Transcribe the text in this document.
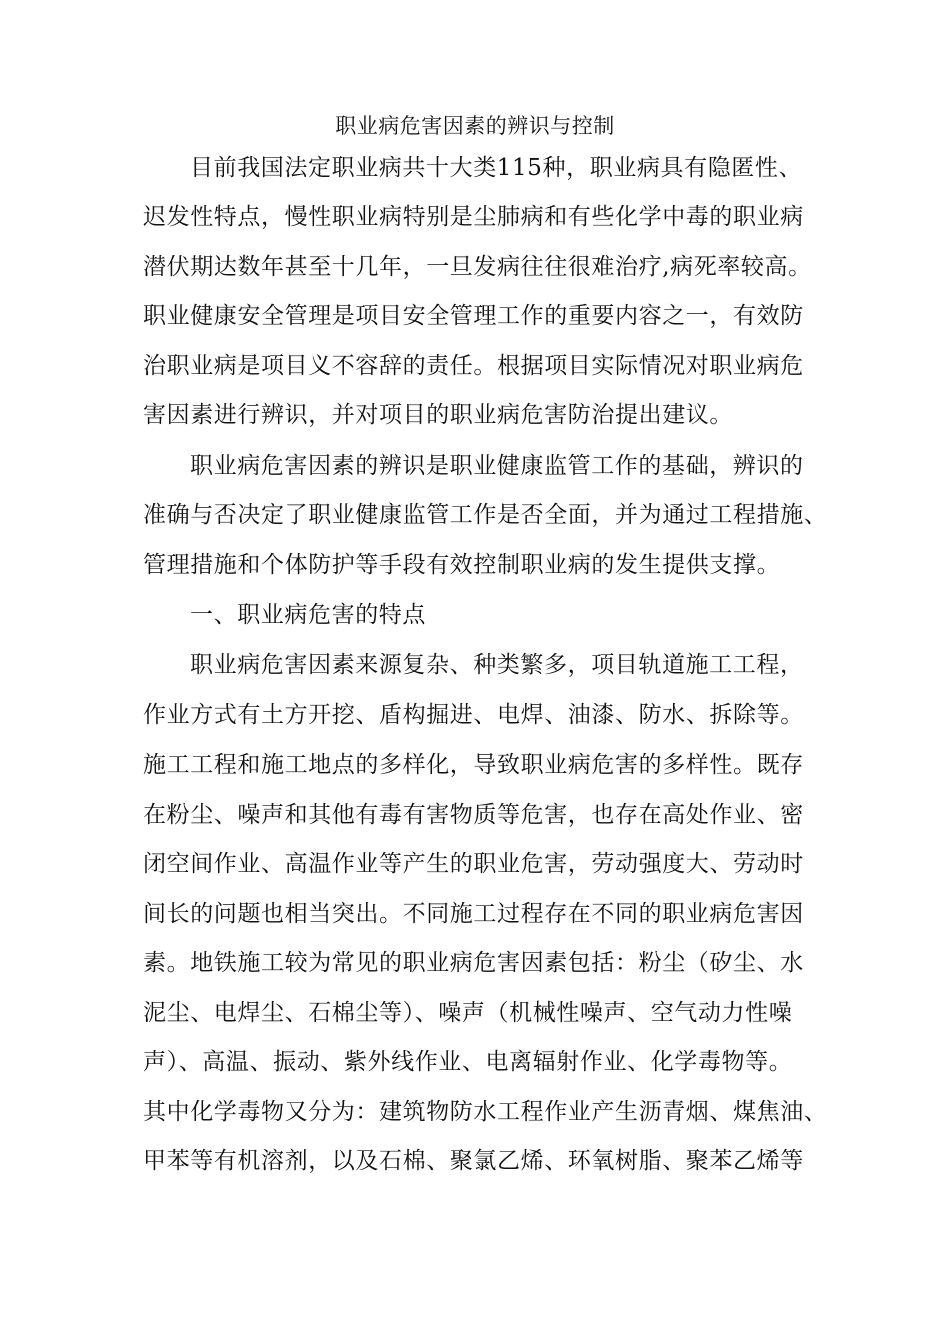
职业病危害因素的辨识与控制
目前我国法定职业病共十大类115种，职业病具有隐匿性、
迟发性特点，慢性职业病特别是尘肺病和有些化学中毒的职业病
潜伏期达数年甚至十几年，一旦发病往往很难治疗,病死率较高。
职业健康安全管理是项目安全管理工作的重要内容之一，有效防
治职业病是项目义不容辞的责任。根据项目实际情况对职业病危
害因素进行辨识，并对项目的职业病危害防治提出建议。
职业病危害因素的辨识是职业健康监管工作的基础，辨识的
准确与否决定了职业健康监管工作是否全面，并为通过工程措施、
管理措施和个体防护等手段有效控制职业病的发生提供支撑。
一、职业病危害的特点
职业病危害因素来源复杂、种类繁多，项目轨道施工工程，
作业方式有土方开挖、盾构掘进、电焊、油漆、防水、拆除等。
施工工程和施工地点的多样化，导致职业病危害的多样性。既存
在粉尘、噪声和其他有毒有害物质等危害，也存在高处作业、密
闭空间作业、高温作业等产生的职业危害，劳动强度大、劳动时
间长的问题也相当突出。不同施工过程存在不同的职业病危害因
素。地铁施工较为常见的职业病危害因素包括：粉尘（矽尘、水
泥尘、电焊尘、石棉尘等）、噪声（机械性噪声、空气动力性噪
声）、高温、振动、紫外线作业、电离辐射作业、化学毒物等。
其中化学毒物又分为：建筑物防水工程作业产生沥青烟、煤焦油、
甲苯等有机溶剂，以及石棉、聚氯乙烯、环氧树脂、聚苯乙烯等
